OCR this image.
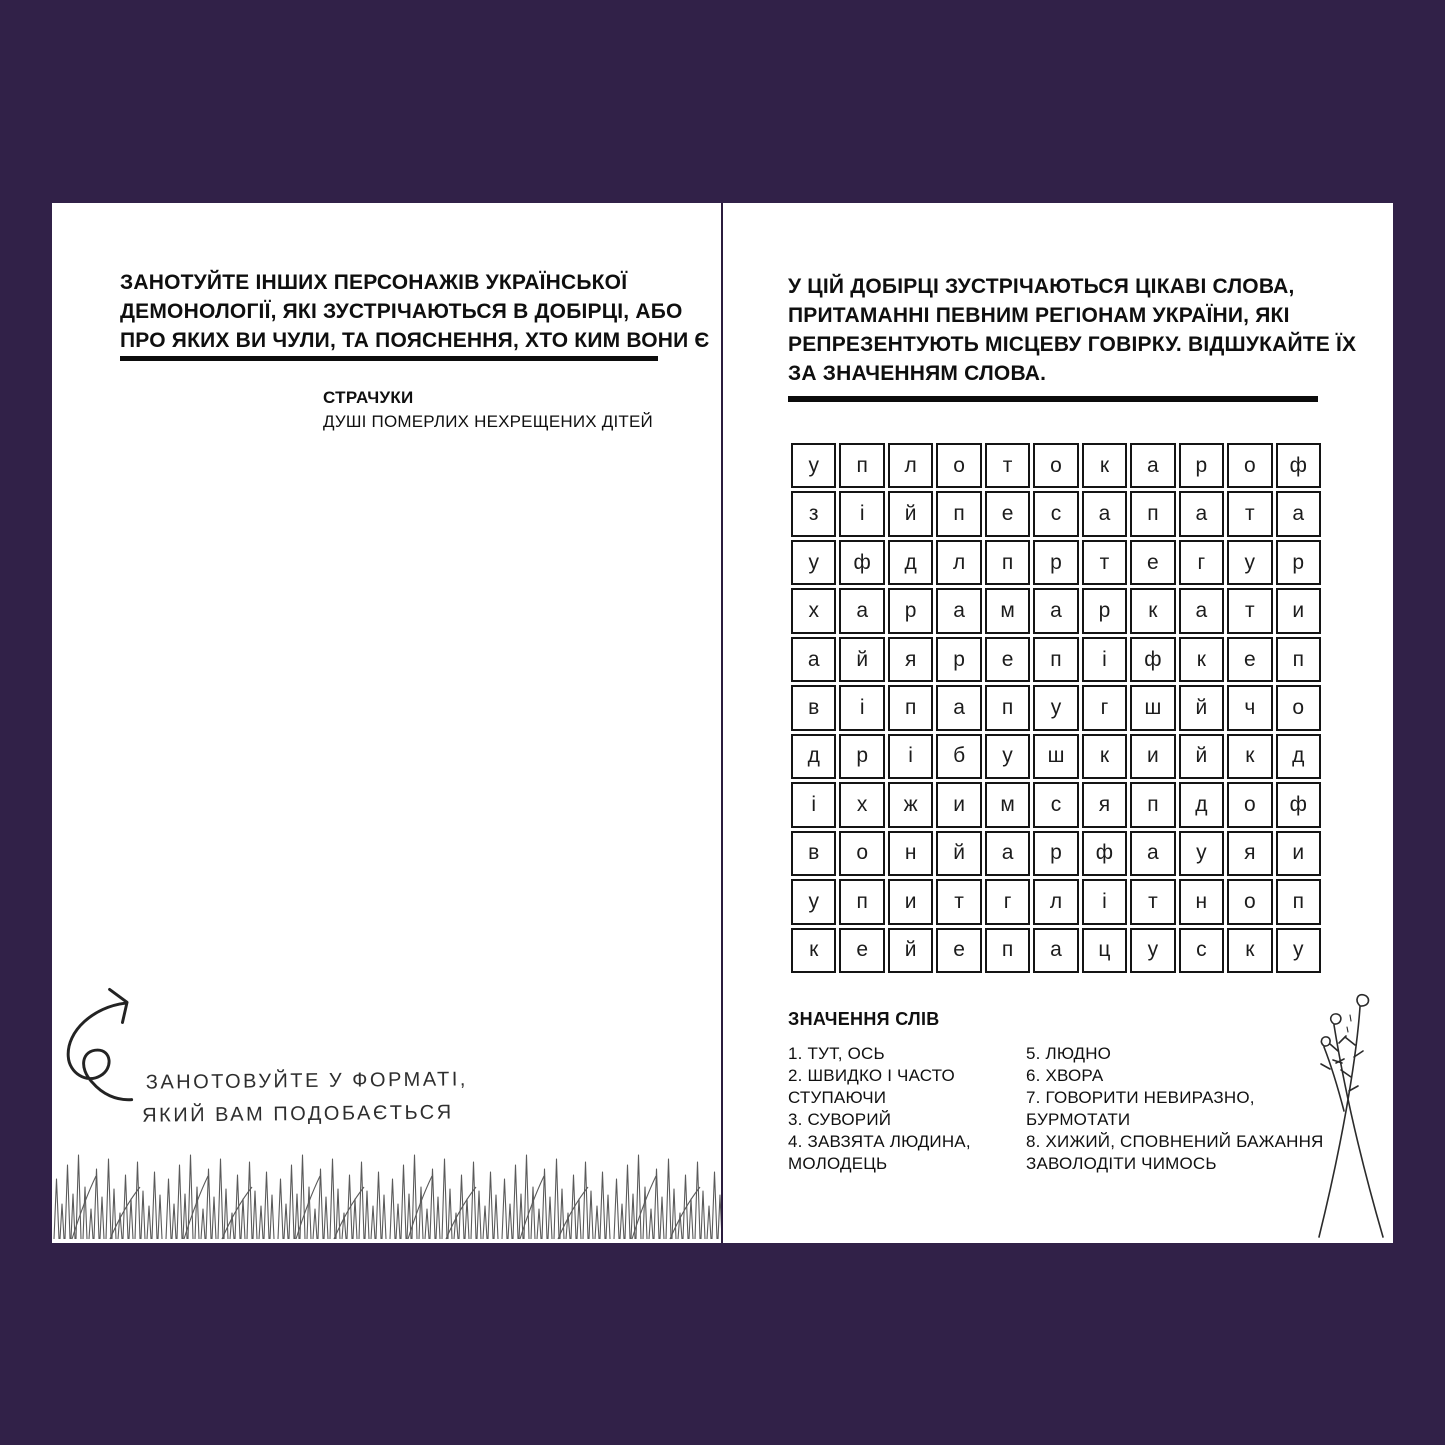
ЗАНОТУЙТЕ ІНШИХ ПЕРСОНАЖІВ УКРАЇНСЬКОЇ
ДЕМОНОЛОГІЇ, ЯКІ ЗУСТРІЧАЮТЬСЯ В ДОБІРЦІ, АБО
ПРО ЯКИХ ВИ ЧУЛИ, ТА ПОЯСНЕННЯ, ХТО КИМ ВОНИ Є
СТРАЧУКИ
ДУШІ ПОМЕРЛИХ НЕХРЕЩЕНИХ ДІТЕЙ
ЗАНОТОВУЙТЕ У ФОРМАТІ,
ЯКИЙ ВАМ ПОДОБАЄТЬСЯ
У ЦІЙ ДОБІРЦІ ЗУСТРІЧАЮТЬСЯ ЦІКАВІ СЛОВА,
ПРИТАМАННІ ПЕВНИМ РЕГІОНАМ УКРАЇНИ, ЯКІ
РЕПРЕЗЕНТУЮТЬ МІСЦЕВУ ГОВІРКУ. ВІДШУКАЙТЕ ЇХ
ЗА ЗНАЧЕННЯМ СЛОВА.
у	п	л	о	т	о	к	а	р	о	ф
з	і	й	п	е	с	а	п	а	т	а
у	ф	д	л	п	р	т	е	г	у	р
х	а	р	а	м	а	р	к	а	т	и
а	й	я	р	е	п	і	ф	к	е	п
в	і	п	а	п	у	г	ш	й	ч	о
д	р	і	б	у	ш	к	и	й	к	д
і	х	ж	и	м	с	я	п	д	о	ф
в	о	н	й	а	р	ф	а	у	я	и
у	п	и	т	г	л	і	т	н	о	п
к	е	й	е	п	а	ц	у	с	к	у
ЗНАЧЕННЯ СЛІВ
1. ТУТ, ОСЬ
2. ШВИДКО І ЧАСТО СТУПАЮЧИ
3. СУВОРИЙ
4. ЗАВЗЯТА ЛЮДИНА, МОЛОДЕЦЬ
5. ЛЮДНО
6. ХВОРА
7. ГОВОРИТИ НЕВИРАЗНО, БУРМОТАТИ
8. ХИЖИЙ, СПОВНЕНИЙ БАЖАННЯ ЗАВОЛОДІТИ ЧИМОСЬ
